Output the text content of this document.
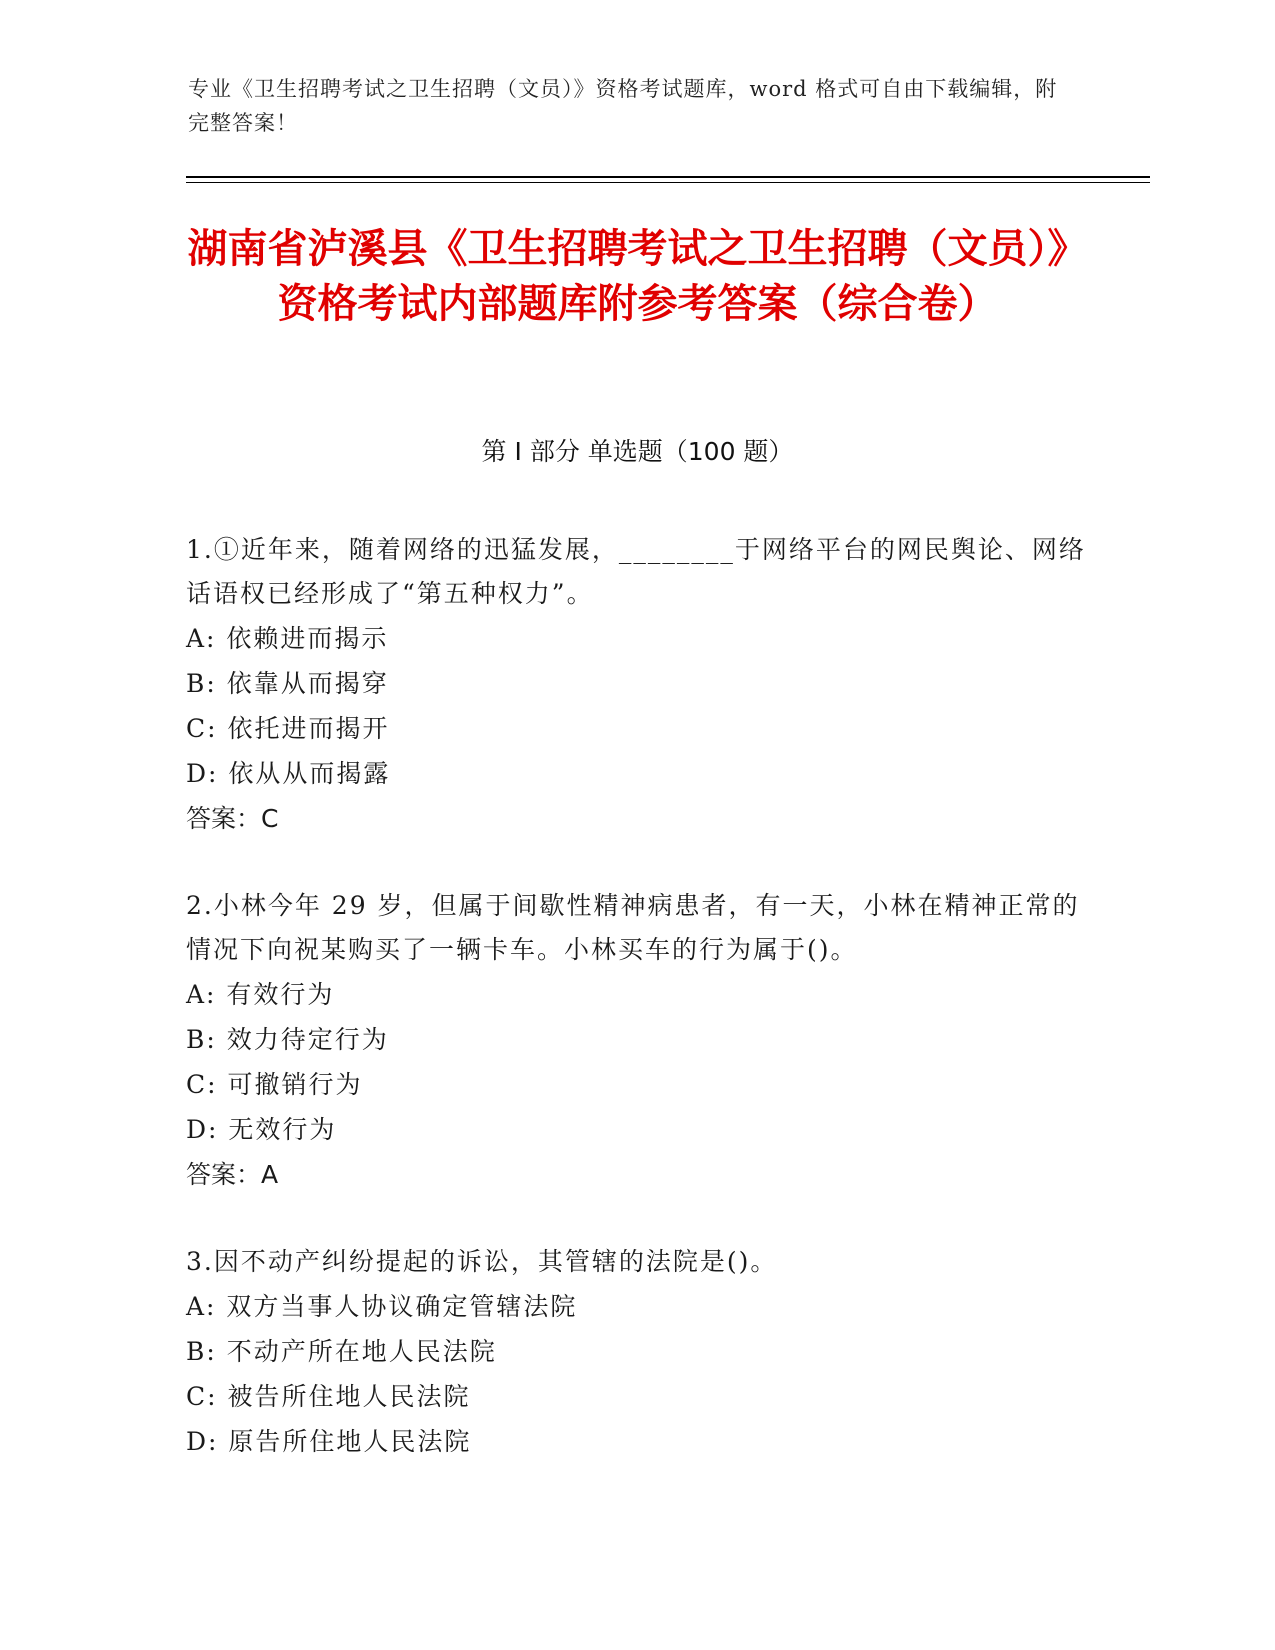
专业《卫生招聘考试之卫生招聘（文员）》资格考试题库，word 格式可自由下载编辑，附完整答案！
湖南省泸溪县《卫生招聘考试之卫生招聘（文员）》资格考试内部题库附参考答案（综合卷）
第 I 部分 单选题（100 题）

1.①近年来，随着网络的迅猛发展，________于网络平台的网民舆论、网络话语权已经形成了“第五种权力”。

A: 依赖进而揭示

B: 依靠从而揭穿

C: 依托进而揭开

D: 依从从而揭露

答案：C

2.小林今年 29 岁，但属于间歇性精神病患者，有一天，小林在精神正常的情况下向祝某购买了一辆卡车。小林买车的行为属于()。

A: 有效行为

B: 效力待定行为

C: 可撤销行为

D: 无效行为

答案：A

3.因不动产纠纷提起的诉讼，其管辖的法院是()。

A: 双方当事人协议确定管辖法院

B: 不动产所在地人民法院

C: 被告所住地人民法院

D: 原告所住地人民法院
